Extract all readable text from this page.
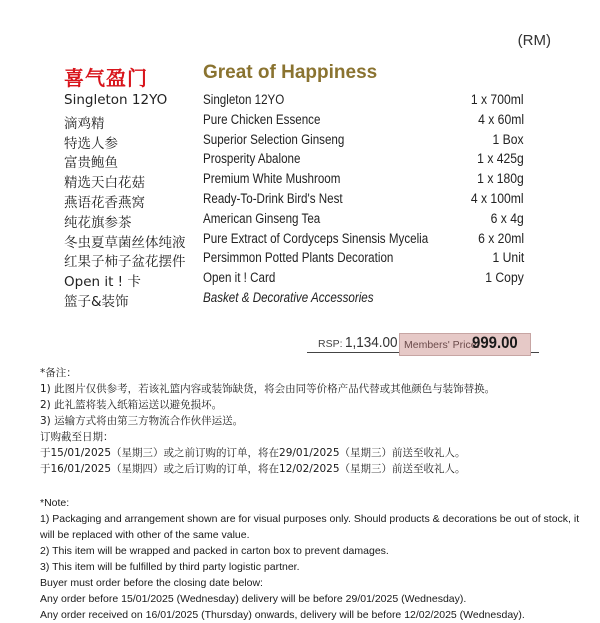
(RM)
喜气盈门	Great of Happiness
Singleton 12YO	Singleton 12YO	1 x 700ml
滴鸡精	Pure Chicken Essence	4 x 60ml
特选人参	Superior Selection Ginseng	1 Box
富贵鲍鱼	Prosperity Abalone	1 x 425g
精选天白花菇	Premium White Mushroom	1 x 180g
燕语花香燕窝	Ready-To-Drink Bird's Nest	4 x 100ml
纯花旗参茶	American Ginseng Tea	6 x 4g
冬虫夏草菌丝体纯液 Pure Extract of Cordyceps Sinensis Mycelia	6 x 20ml
红果子柿子盆花摆件 Persimmon Potted Plants Decoration	1 Unit
Open it ! 卡	Open it ! Card	1 Copy
篮子&装饰	Basket & Decorative Accessories
RSP: 1,134.00 Members' Price:
999.00
*备注：
1) 此图片仅供参考，若该礼篮内容或装饰缺货，将会由同等价格产品代替或其他颜色与装饰替换。
2) 此礼篮将装入纸箱运送以避免损坏。
3) 运输方式将由第三方物流合作伙伴运送。
订购截至日期：
于15/01/2025（星期三）或之前订购的订单，将在29/01/2025（星期三）前送至收礼人。
于16/01/2025（星期四）或之后订购的订单，将在12/02/2025（星期三）前送至收礼人。
*Note:
1) Packaging and arrangement shown are for visual purposes only. Should products & decorations be out of stock, it will be replaced with other of the same value.
2) This item will be wrapped and packed in carton box to prevent damages.
3) This item will be fulfilled by third party logistic partner.
Buyer must order before the closing date below:
Any order before 15/01/2025 (Wednesday) delivery will be before 29/01/2025 (Wednesday).
Any order received on 16/01/2025 (Thursday) onwards, delivery will be before 12/02/2025 (Wednesday).
